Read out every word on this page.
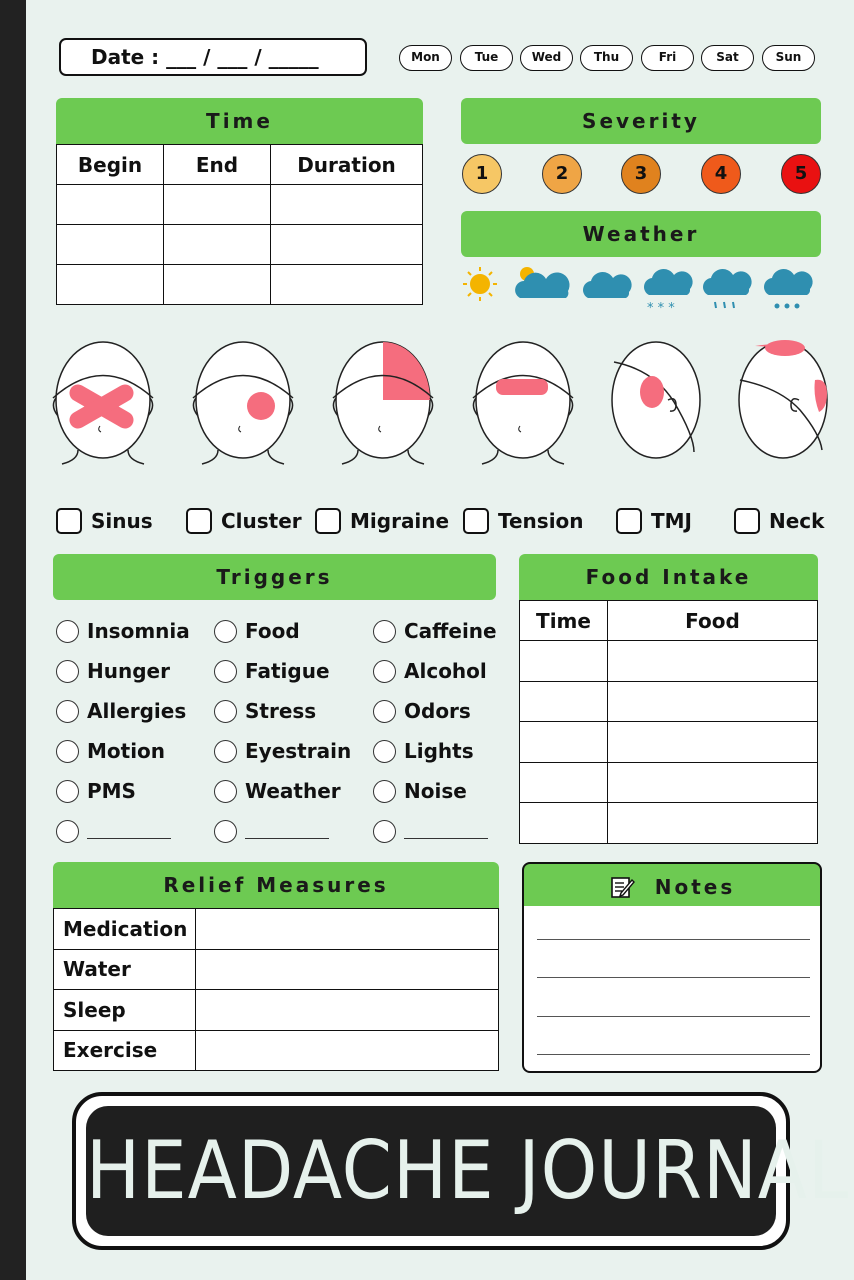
Date : ___ / ___ / _____	Mon	Tue	Wed	Thu	Fri	Sat	Sun
Time
Begin	End	Duration

Severity
1	2	3	4	5
Weather
* * *
Sinus	Cluster Migraine Tension	TMJ	Neck
Triggers
Insomnia
Hunger
Allergies
Motion
PMS
Food
Fatigue
Stress
Eyestrain
Weather
Caffeine
Alcohol
Odors
Lights
Noise
Food Intake
Time	Food

Relief Measures
Medication	
Water	
Sleep	
Exercise	
Notes
HEADACHE JOURNAL
